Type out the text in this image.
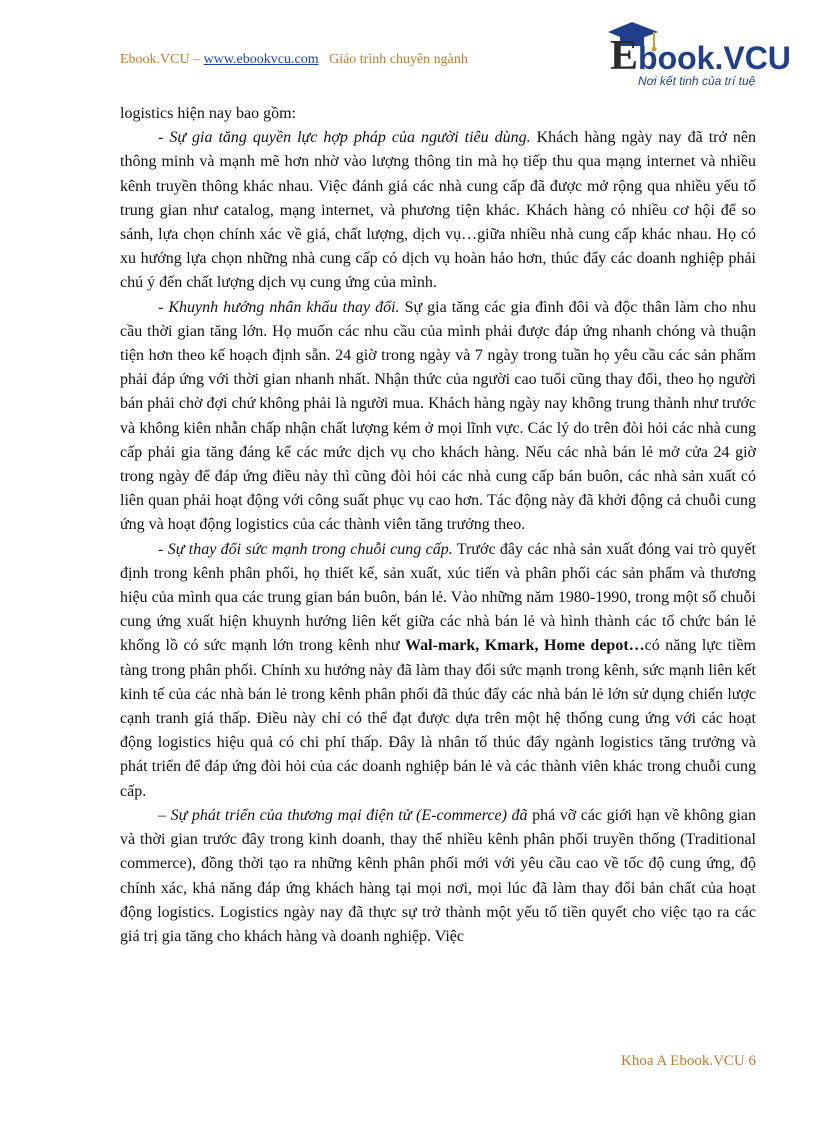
Ebook.VCU – www.ebookvcu.com Giáo trình chuyên ngành	Ebook.VCU
Nơi kết tinh của trí tuệ

logistics hiện nay bao gồm:

- Sự gia tăng quyền lực hợp pháp của người tiêu dùng. Khách hàng ngày nay đã trở nên thông minh và mạnh mẽ hơn nhờ vào lượng thông tin mà họ tiếp thu qua mạng internet và nhiều kênh truyền thông khác nhau. Việc đánh giá các nhà cung cấp đã được mở rộng qua nhiều yếu tố trung gian như catalog, mạng internet, và phương tiện khác. Khách hàng có nhiều cơ hội để so sánh, lựa chọn chính xác về giá, chất lượng, dịch vụ…giữa nhiều nhà cung cấp khác nhau. Họ có xu hướng lựa chọn những nhà cung cấp có dịch vụ hoàn hảo hơn, thúc đẩy các doanh nghiệp phải chú ý đến chất lượng dịch vụ cung ứng của mình.

- Khuynh hướng nhân khẩu thay đổi. Sự gia tăng các gia đình đôi và độc thân làm cho nhu cầu thời gian tăng lớn. Họ muốn các nhu cầu của mình phải được đáp ứng nhanh chóng và thuận tiện hơn theo kế hoạch định sẵn. 24 giờ trong ngày và 7 ngày trong tuần họ yêu cầu các sản phẩm phải đáp ứng với thời gian nhanh nhất. Nhận thức của người cao tuổi cũng thay đổi, theo họ người bán phải chờ đợi chứ không phải là người mua. Khách hàng ngày nay không trung thành như trước và không kiên nhẫn chấp nhận chất lượng kém ở mọi lĩnh vực. Các lý do trên đòi hỏi các nhà cung cấp phải gia tăng đáng kể các mức dịch vụ cho khách hàng. Nếu các nhà bán lẻ mở cửa 24 giờ trong ngày để đáp ứng điều này thì cũng đòi hỏi các nhà cung cấp bán buôn, các nhà sản xuất có liên quan phải hoạt động với công suất phục vụ cao hơn. Tác động này đã khởi động cả chuỗi cung ứng và hoạt động logistics của các thành viên tăng trưởng theo.

- Sự thay đổi sức mạnh trong chuỗi cung cấp. Trước đây các nhà sản xuất đóng vai trò quyết định trong kênh phân phối, họ thiết kế, sản xuất, xúc tiến và phân phối các sản phẩm và thương hiệu của mình qua các trung gian bán buôn, bán lẻ. Vào những năm 1980-1990, trong một số chuỗi cung ứng xuất hiện khuynh hướng liên kết giữa các nhà bán lẻ và hình thành các tổ chức bán lẻ khổng lồ có sức mạnh lớn trong kênh như Wal-mark, Kmark, Home depot…có năng lực tiềm tàng trong phân phối. Chính xu hướng này đã làm thay đổi sức mạnh trong kênh, sức mạnh liên kết kinh tế của các nhà bán lẻ trong kênh phân phối đã thúc đẩy các nhà bán lẻ lớn sử dụng chiến lược cạnh tranh giá thấp. Điều này chỉ có thể đạt được dựa trên một hệ thống cung ứng với các hoạt động logistics hiệu quả có chi phí thấp. Đây là nhân tố thúc đẩy ngành logistics tăng trưởng và phát triển để đáp ứng đòi hỏi của các doanh nghiệp bán lẻ và các thành viên khác trong chuỗi cung cấp.

– Sự phát triển của thương mại điện tử (E-commerce) đã phá vỡ các giới hạn về không gian và thời gian trước đây trong kinh doanh, thay thế nhiều kênh phân phối truyền thống (Traditional commerce), đồng thời tạo ra những kênh phân phối mới với yêu cầu cao về tốc độ cung ứng, độ chính xác, khả năng đáp ứng khách hàng tại mọi nơi, mọi lúc đã làm thay đổi bản chất của hoạt động logistics. Logistics ngày nay đã thực sự trở thành một yếu tố tiền quyết cho việc tạo ra các giá trị gia tăng cho khách hàng và doanh nghiệp. Việc

Khoa A Ebook.VCU 6
